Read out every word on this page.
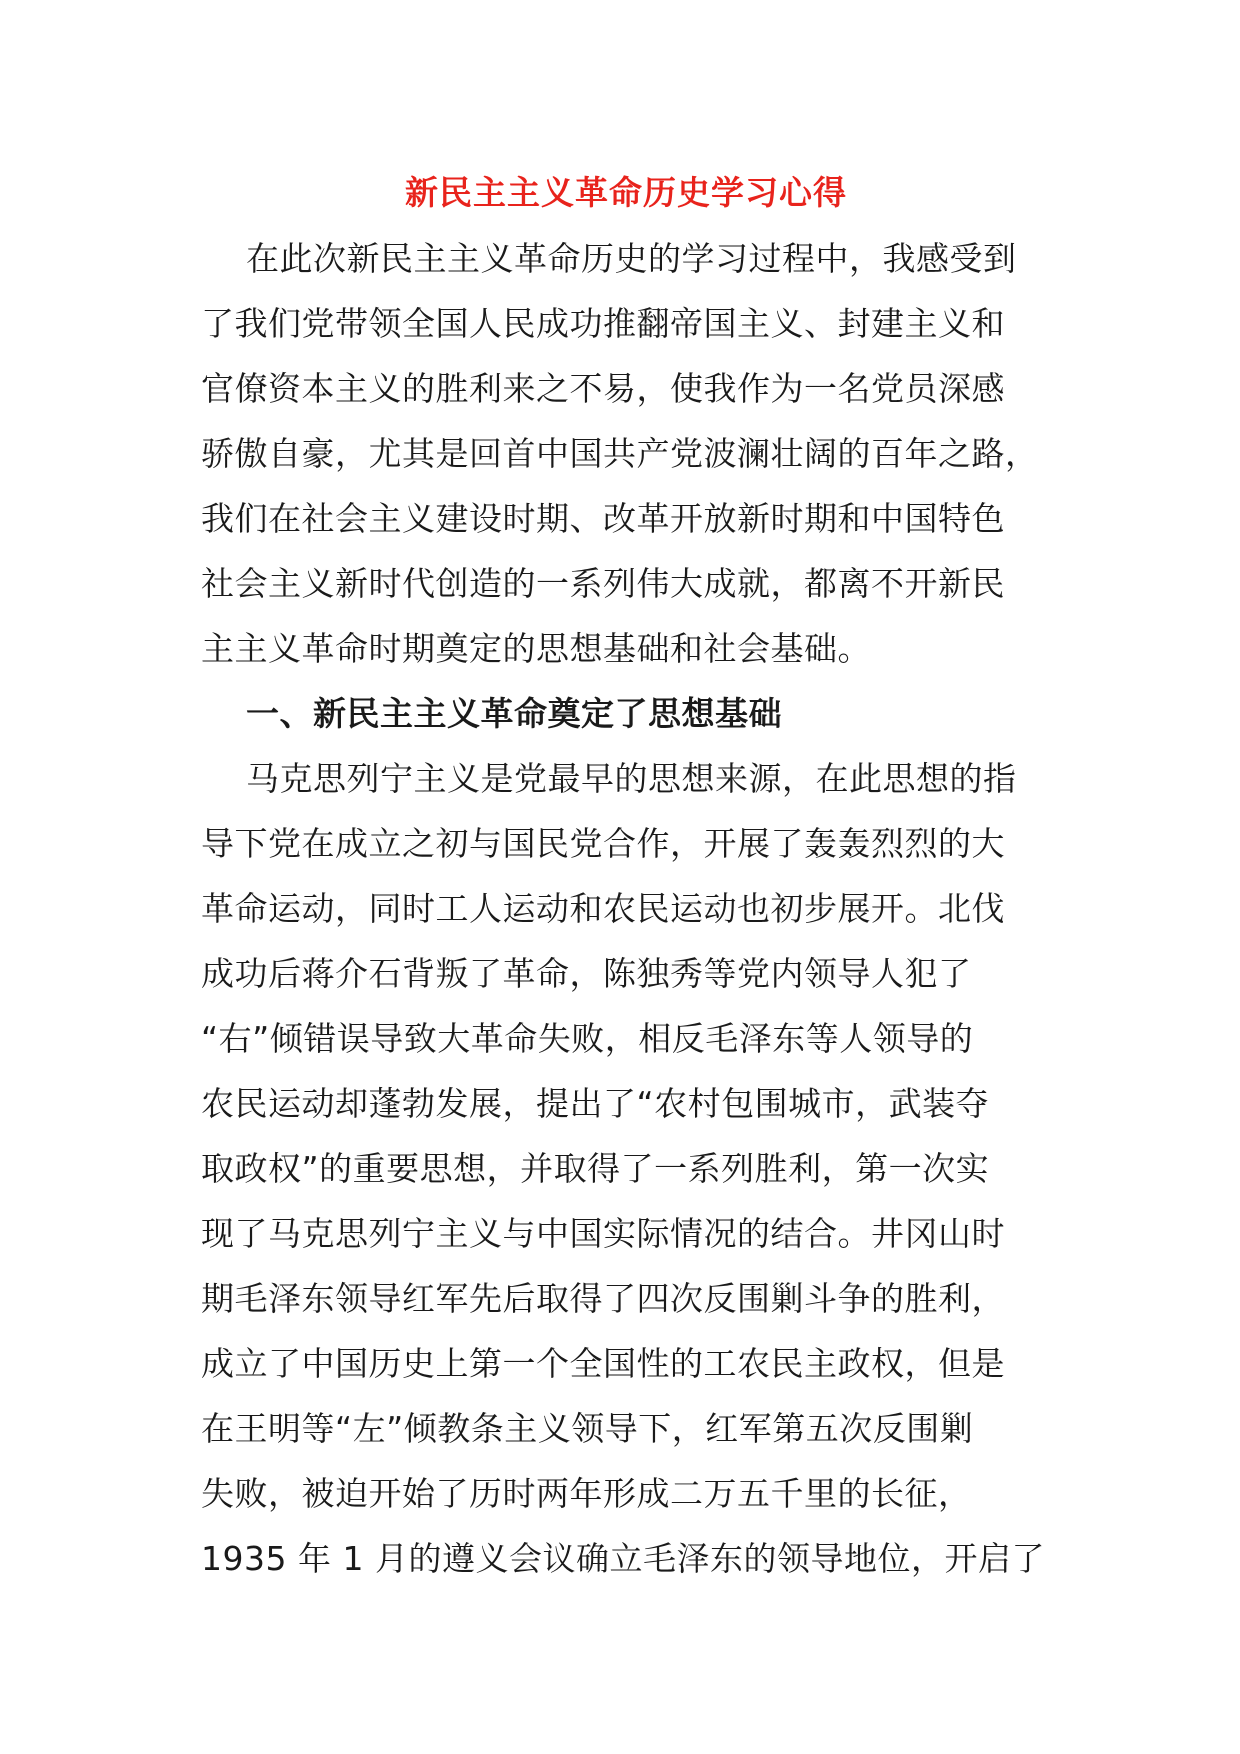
新民主主义革命历史学习心得
在此次新民主主义革命历史的学习过程中，我感受到
了我们党带领全国人民成功推翻帝国主义、封建主义和
官僚资本主义的胜利来之不易，使我作为一名党员深感
骄傲自豪，尤其是回首中国共产党波澜壮阔的百年之路，
我们在社会主义建设时期、改革开放新时期和中国特色
社会主义新时代创造的一系列伟大成就，都离不开新民
主主义革命时期奠定的思想基础和社会基础。
一、新民主主义革命奠定了思想基础
马克思列宁主义是党最早的思想来源，在此思想的指
导下党在成立之初与国民党合作，开展了轰轰烈烈的大
革命运动，同时工人运动和农民运动也初步展开。北伐
成功后蒋介石背叛了革命，陈独秀等党内领导人犯了
“右”倾错误导致大革命失败，相反毛泽东等人领导的
农民运动却蓬勃发展，提出了“农村包围城市，武装夺
取政权”的重要思想，并取得了一系列胜利，第一次实
现了马克思列宁主义与中国实际情况的结合。井冈山时
期毛泽东领导红军先后取得了四次反围剿斗争的胜利，
成立了中国历史上第一个全国性的工农民主政权，但是
在王明等“左”倾教条主义领导下，红军第五次反围剿
失败，被迫开始了历时两年形成二万五千里的长征，
1935 年 1 月的遵义会议确立毛泽东的领导地位，开启了
